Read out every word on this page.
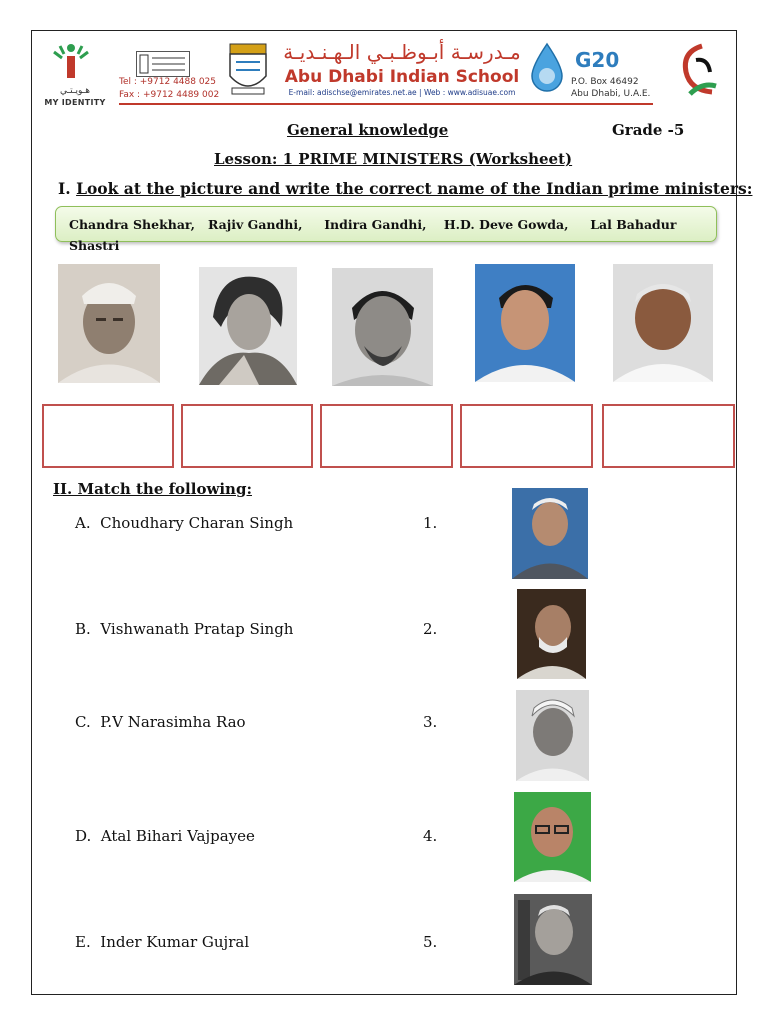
هـويـتـي
MY IDENTITY
Tel : +9712 4488 025
Fax : +9712 4489 002
مـدرسـة أبـوظـبـي الـهـنـديـة
Abu Dhabi Indian School
E-mail: adischse@emirates.net.ae | Web : www.adisuae.com
G20
P.O. Box 46492
Abu Dhabi, U.A.E.
General knowledge	Grade -5
Lesson: 1 PRIME MINISTERS (Worksheet)
I. Look at the picture and write the correct name of the Indian prime ministers:
Chandra Shekhar,   Rajiv Gandhi,     Indira Gandhi,    H.D. Deve Gowda,     Lal Bahadur Shastri
II. Match the following:
A. Choudhary Charan Singh	1.
B. Vishwanath Pratap Singh	2.
C. P.V Narasimha Rao	3.
D. Atal Bihari Vajpayee	4.
E. Inder Kumar Gujral	5.
